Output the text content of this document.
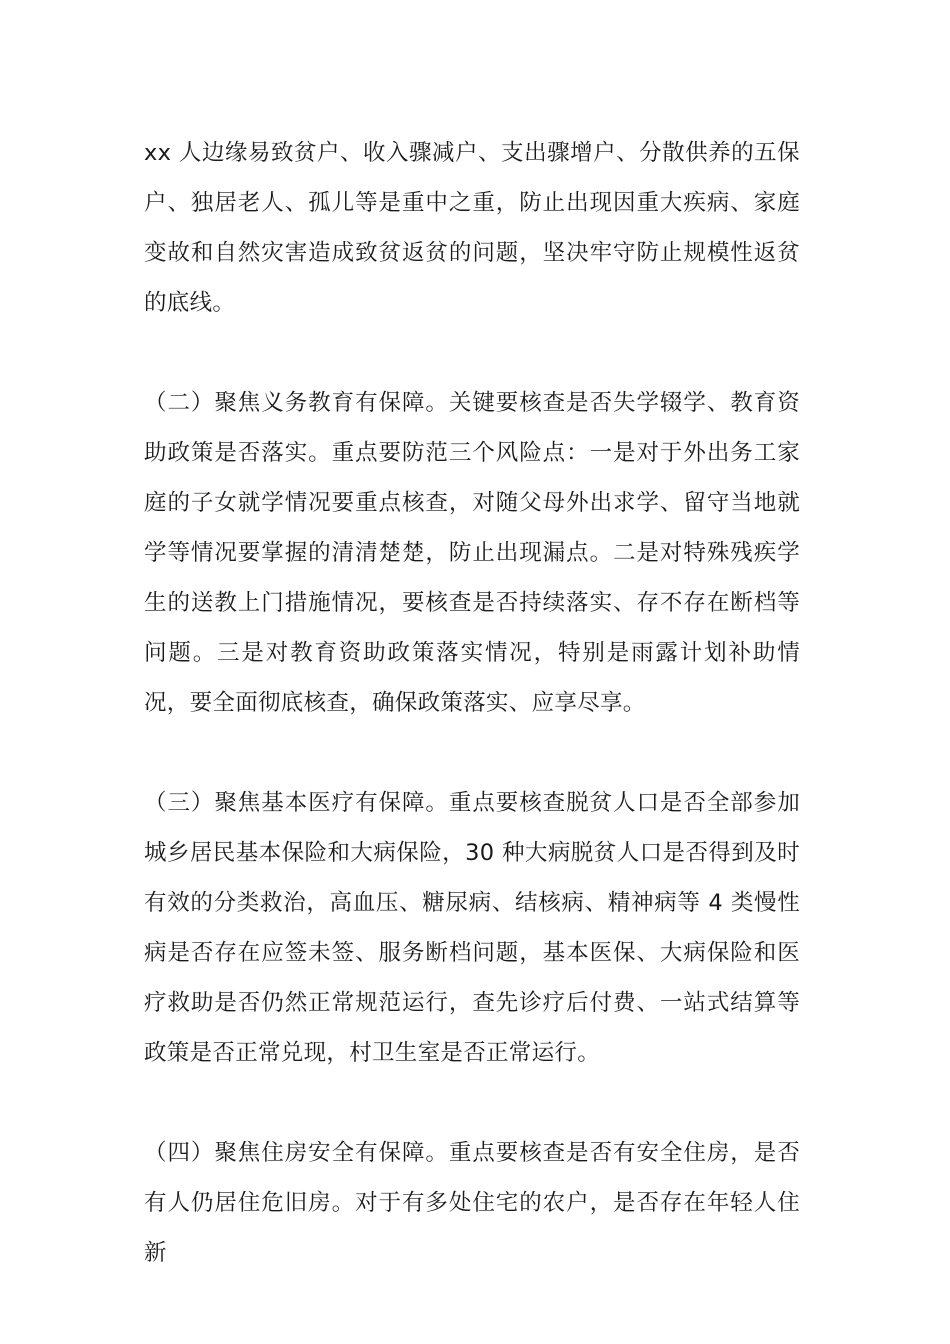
xx 人边缘易致贫户、收入骤减户、支出骤增户、分散供养的五保户、独居老人、孤儿等是重中之重，防止出现因重大疾病、家庭变故和自然灾害造成致贫返贫的问题，坚决牢守防止规模性返贫的底线。

（二）聚焦义务教育有保障。关键要核查是否失学辍学、教育资助政策是否落实。重点要防范三个风险点：一是对于外出务工家庭的子女就学情况要重点核查，对随父母外出求学、留守当地就学等情况要掌握的清清楚楚，防止出现漏点。二是对特殊残疾学生的送教上门措施情况，要核查是否持续落实、存不存在断档等问题。三是对教育资助政策落实情况，特别是雨露计划补助情况，要全面彻底核查，确保政策落实、应享尽享。

（三）聚焦基本医疗有保障。重点要核查脱贫人口是否全部参加城乡居民基本保险和大病保险，30 种大病脱贫人口是否得到及时有效的分类救治，高血压、糖尿病、结核病、精神病等 4 类慢性病是否存在应签未签、服务断档问题，基本医保、大病保险和医疗救助是否仍然正常规范运行，查先诊疗后付费、一站式结算等政策是否正常兑现，村卫生室是否正常运行。

（四）聚焦住房安全有保障。重点要核查是否有安全住房，是否有人仍居住危旧房。对于有多处住宅的农户，是否存在年轻人住新
